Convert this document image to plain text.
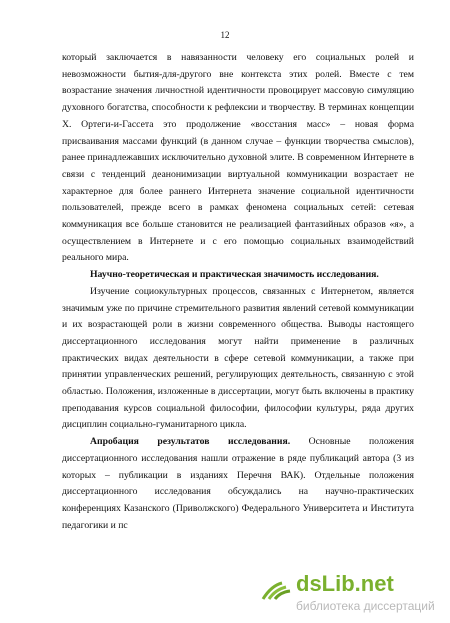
12

который заключается в навязанности человеку его социальных ролей и невозможности бытия-для-другого вне контекста этих ролей. Вместе с тем возрастание значения личностной идентичности провоцирует массовую симуляцию духовного богатства, способности к рефлексии и творчеству. В терминах концепции Х. Ортеги-и-Гассета это продолжение «восстания масс» – новая форма присваивания массами функций (в данном случае – функции творчества смыслов), ранее принадлежавших исключительно духовной элите. В современном Интернете в связи с тенденций деанонимизации виртуальной коммуникации возрастает не характерное для более раннего Интернета значение социальной идентичности пользователей, прежде всего в рамках феномена социальных сетей: сетевая коммуникация все больше становится не реализацией фантазийных образов «я», а осуществлением в Интернете и с его помощью социальных взаимодействий реального мира.

Научно-теоретическая и практическая значимость исследования.

Изучение социокультурных процессов, связанных с Интернетом, является значимым уже по причине стремительного развития явлений сетевой коммуникации и их возрастающей роли в жизни современного общества. Выводы настоящего диссертационного исследования могут найти применение в различных практических видах деятельности в сфере сетевой коммуникации, а также при принятии управленческих решений, регулирующих деятельность, связанную с этой областью. Положения, изложенные в диссертации, могут быть включены в практику преподавания курсов социальной философии, философии культуры, ряда других дисциплин социально-гуманитарного цикла.

Апробация результатов исследования. Основные положения диссертационного исследования нашли отражение в ряде публикаций автора (3 из которых – публикации в изданиях Перечня ВАК). Отдельные положения диссертационного исследования обсуждались на научно-практических конференциях Казанского (Приволжского) Федерального Университета и Института педагогики и пс

dsLib.net
библиотека диссертаций
